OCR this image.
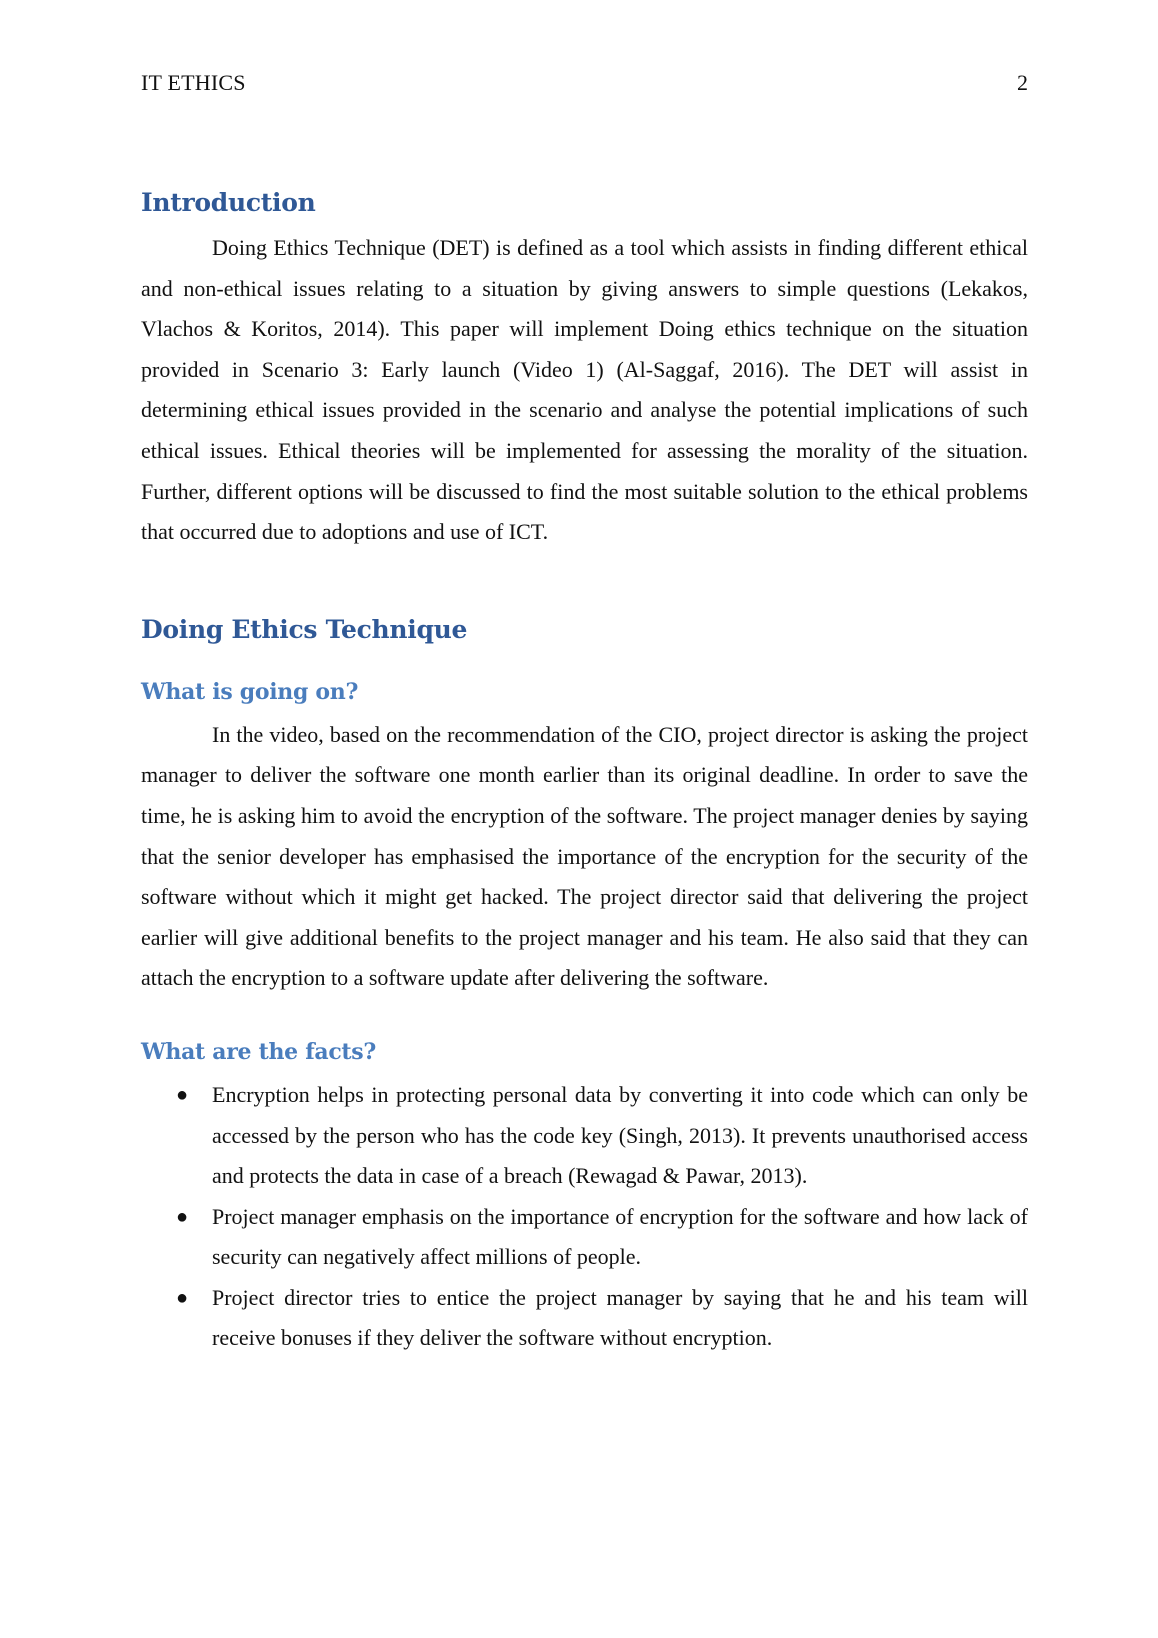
IT ETHICS	2
Introduction

Doing Ethics Technique (DET) is defined as a tool which assists in finding different ethical and non-ethical issues relating to a situation by giving answers to simple questions (Lekakos, Vlachos & Koritos, 2014). This paper will implement Doing ethics technique on the situation provided in Scenario 3: Early launch (Video 1) (Al-Saggaf, 2016). The DET will assist in determining ethical issues provided in the scenario and analyse the potential implications of such ethical issues. Ethical theories will be implemented for assessing the morality of the situation. Further, different options will be discussed to find the most suitable solution to the ethical problems that occurred due to adoptions and use of ICT.

Doing Ethics Technique
What is going on?

In the video, based on the recommendation of the CIO, project director is asking the project manager to deliver the software one month earlier than its original deadline. In order to save the time, he is asking him to avoid the encryption of the software. The project manager denies by saying that the senior developer has emphasised the importance of the encryption for the security of the software without which it might get hacked. The project director said that delivering the project earlier will give additional benefits to the project manager and his team. He also said that they can attach the encryption to a software update after delivering the software.

What are the facts?
● Encryption helps in protecting personal data by converting it into code which can only be accessed by the person who has the code key (Singh, 2013). It prevents unauthorised access and protects the data in case of a breach (Rewagad & Pawar, 2013).
● Project manager emphasis on the importance of encryption for the software and how lack of security can negatively affect millions of people.
● Project director tries to entice the project manager by saying that he and his team will receive bonuses if they deliver the software without encryption.
